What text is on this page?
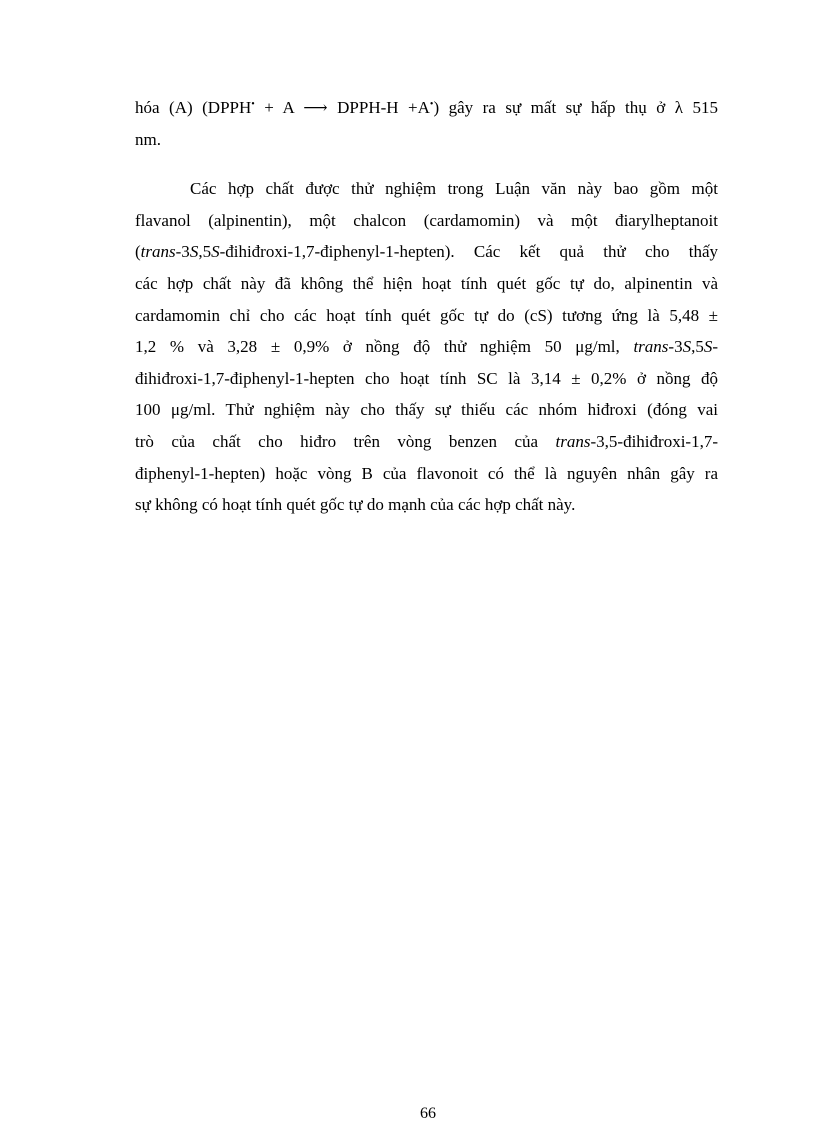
hóa (A) (DPPH• + A ⟶ DPPH-H +A•) gây ra sự mất sự hấp thụ ở λ 515
nm.
Các hợp chất được thử nghiệm trong Luận văn này bao gồm một
flavanol (alpinentin), một chalcon (cardamomin) và một điarylheptanoit
(trans-3S,5S-đihiđroxi-1,7-điphenyl-1-hepten). Các kết quả thử cho thấy
các hợp chất này đã không thể hiện hoạt tính quét gốc tự do, alpinentin và
cardamomin chỉ cho các hoạt tính quét gốc tự do (cS) tương ứng là 5,48 ±
1,2 % và 3,28 ± 0,9% ở nồng độ thử nghiệm 50 μg/ml, trans-3S,5S-
đihiđroxi-1,7-điphenyl-1-hepten cho hoạt tính SC là 3,14 ± 0,2% ở nồng độ
100 μg/ml. Thử nghiệm này cho thấy sự thiếu các nhóm hiđroxi (đóng vai
trò của chất cho hiđro trên vòng benzen của trans-3,5-đihiđroxi-1,7-
điphenyl-1-hepten) hoặc vòng B của flavonoit có thể là nguyên nhân gây ra
sự không có hoạt tính quét gốc tự do mạnh của các hợp chất này.
66
